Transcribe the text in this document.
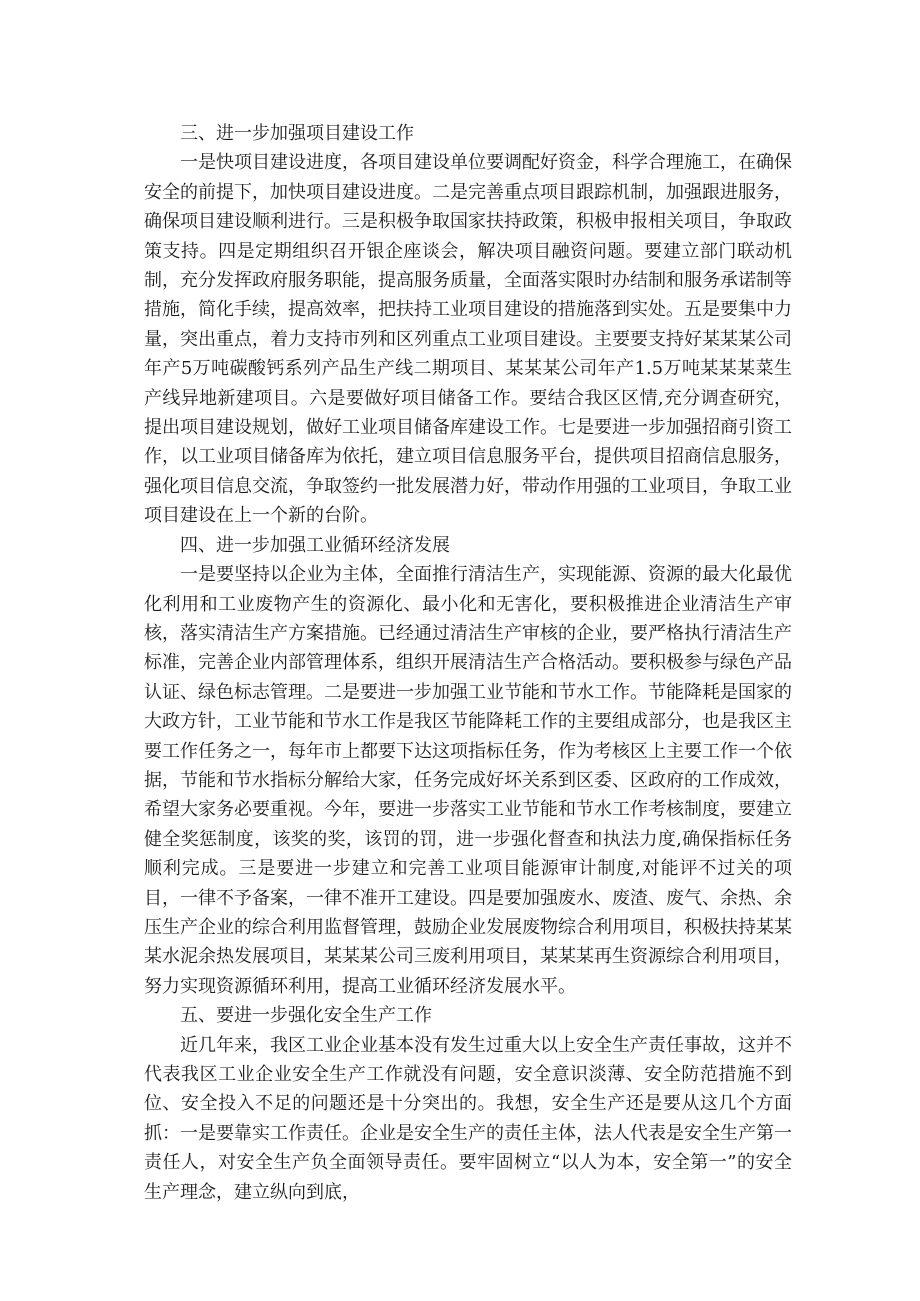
三、进一步加强项目建设工作

一是快项目建设进度，各项目建设单位要调配好资金，科学合理施工，在确保安全的前提下，加快项目建设进度。二是完善重点项目跟踪机制，加强跟进服务，确保项目建设顺利进行。三是积极争取国家扶持政策，积极申报相关项目，争取政策支持。四是定期组织召开银企座谈会，解决项目融资问题。要建立部门联动机制，充分发挥政府服务职能，提高服务质量，全面落实限时办结制和服务承诺制等措施，简化手续，提高效率，把扶持工业项目建设的措施落到实处。五是要集中力量，突出重点，着力支持市列和区列重点工业项目建设。主要要支持好某某某公司年产5万吨碳酸钙系列产品生产线二期项目、某某某公司年产1.5万吨某某某菜生产线异地新建项目。六是要做好项目储备工作。要结合我区区情,充分调查研究，提出项目建设规划，做好工业项目储备库建设工作。七是要进一步加强招商引资工作，以工业项目储备库为依托，建立项目信息服务平台，提供项目招商信息服务，强化项目信息交流，争取签约一批发展潜力好，带动作用强的工业项目，争取工业项目建设在上一个新的台阶。

四、进一步加强工业循环经济发展

一是要坚持以企业为主体，全面推行清洁生产，实现能源、资源的最大化最优化利用和工业废物产生的资源化、最小化和无害化，要积极推进企业清洁生产审核，落实清洁生产方案措施。已经通过清洁生产审核的企业，要严格执行清洁生产标准，完善企业内部管理体系，组织开展清洁生产合格活动。要积极参与绿色产品认证、绿色标志管理。二是要进一步加强工业节能和节水工作。节能降耗是国家的大政方针，工业节能和节水工作是我区节能降耗工作的主要组成部分，也是我区主要工作任务之一，每年市上都要下达这项指标任务，作为考核区上主要工作一个依据，节能和节水指标分解给大家，任务完成好坏关系到区委、区政府的工作成效，希望大家务必要重视。今年，要进一步落实工业节能和节水工作考核制度，要建立健全奖惩制度，该奖的奖，该罚的罚，进一步强化督查和执法力度,确保指标任务顺利完成。三是要进一步建立和完善工业项目能源审计制度,对能评不过关的项目，一律不予备案，一律不准开工建设。四是要加强废水、废渣、废气、余热、余压生产企业的综合利用监督管理，鼓励企业发展废物综合利用项目，积极扶持某某某水泥余热发展项目，某某某公司三废利用项目，某某某再生资源综合利用项目，努力实现资源循环利用，提高工业循环经济发展水平。

五、要进一步强化安全生产工作

近几年来，我区工业企业基本没有发生过重大以上安全生产责任事故，这并不代表我区工业企业安全生产工作就没有问题，安全意识淡薄、安全防范措施不到位、安全投入不足的问题还是十分突出的。我想，安全生产还是要从这几个方面抓：一是要靠实工作责任。企业是安全生产的责任主体，法人代表是安全生产第一责任人，对安全生产负全面领导责任。要牢固树立“以人为本，安全第一”的安全生产理念，建立纵向到底，
